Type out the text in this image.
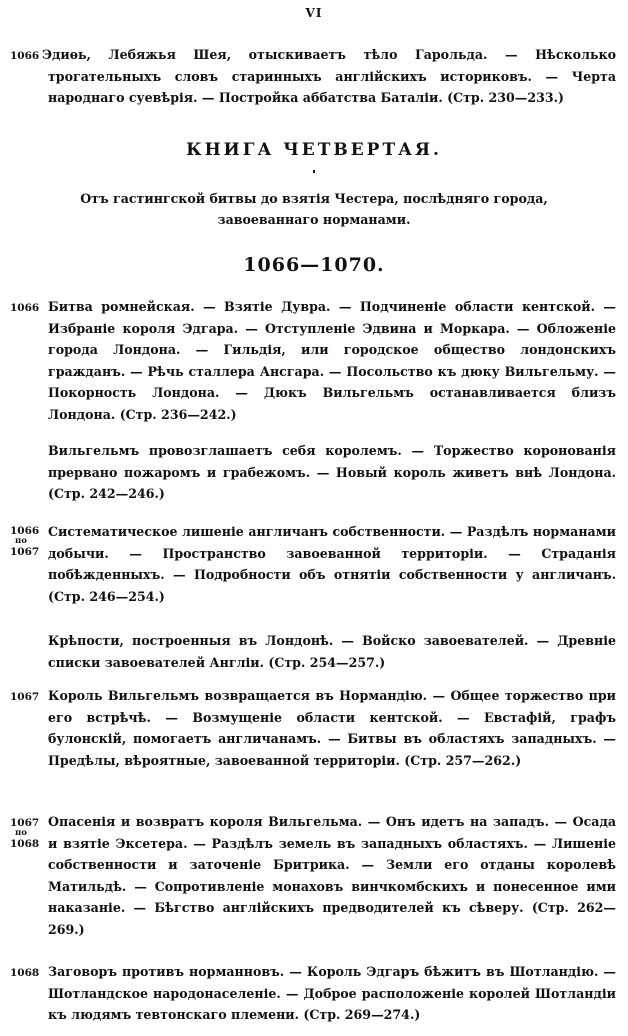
VI
1066 Эдиѳь, Лебяжья Шея, отыскиваетъ тѣло Гарольда. — Нѣсколько трогательныхъ словъ старинныхъ англійскихъ историковъ. — Черта народнаго суевѣрія. — Постройка аббатства Баталіи. (Стр. 230—233.)
КНИГА ЧЕТВЕРТАЯ.
Отъ гастингской битвы до взятія Честера, послѣдняго города, завоеваннаго норманами.
1066—1070.
1066 Битва ромнейская. — Взятіе Дувра. — Подчиненіе области кентской. — Избраніе короля Эдгара. — Отступленіе Эдвина и Моркара. — Обложеніе города Лондона. — Гильдія, или городское общество лондонскихъ гражданъ. — Рѣчь сталлера Ансгара. — Посольство къ дюку Вильгельму. — Покорность Лондона. — Дюкъ Вильгельмъ останавливается близъ Лондона. (Стр. 236—242.)
Вильгельмъ провозглашаетъ себя королемъ. — Торжество коронованія прервано пожаромъ и грабежомъ. — Новый король живетъ внѣ Лондона. (Стр. 242—246.)
1066
по
1067
Систематическое лишеніе англичанъ собственности. — Раздѣлъ норманами добычи. — Пространство завоеванной территоріи. — Страданія побѣжденныхъ. — Подробности объ отнятіи собственности у англичанъ. (Стр. 246—254.)
Крѣпости, построенныя въ Лондонѣ. — Войско завоевателей. — Древніе списки завоевателей Англіи. (Стр. 254—257.)
1067 Король Вильгельмъ возвращается въ Нормандію. — Общее торжество при его встрѣчѣ. — Возмущеніе области кентской. — Евстафій, графъ булонскій, помогаетъ англичанамъ. — Битвы въ областяхъ западныхъ. — Предѣлы, вѣроятные, завоеванной территоріи. (Стр. 257—262.)
1067
по
1068
Опасенія и возвратъ короля Вильгельма. — Онъ идетъ на западъ. — Осада и взятіе Эксетера. — Раздѣлъ земель въ западныхъ областяхъ. — Лишеніе собственности и заточеніе Бритрика. — Земли его отданы королевѣ Матильдѣ. — Сопротивленіе монаховъ винчкомбскихъ и понесенное ими наказаніе. — Бѣгство англійскихъ предводителей къ сѣверу. (Стр. 262—269.)
1068 Заговоръ противъ норманновъ. — Король Эдгаръ бѣжитъ въ Шотландію. — Шотландское народонаселеніе. — Доброе расположеніе королей Шотландіи къ людямъ тевтонскаго племени. (Стр. 269—274.)
